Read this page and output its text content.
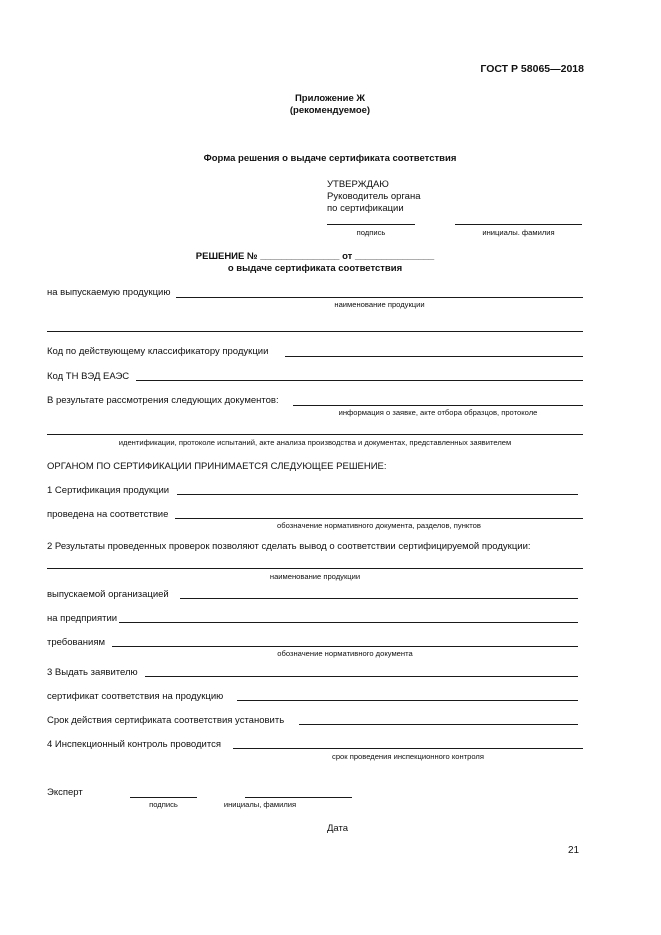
ГОСТ Р 58065—2018
Приложение Ж
(рекомендуемое)
Форма решения о выдаче сертификата соответствия
УТВЕРЖДАЮ
Руководитель органа
по сертификации
подпись	инициалы. фамилия
РЕШЕНИЕ № _______________ от _______________
о выдаче сертификата соответствия
на выпускаемую продукцию
наименование продукции
Код по действующему классификатору продукции
Код ТН ВЭД ЕАЭС
В результате рассмотрения следующих документов:
информация о заявке, акте отбора образцов, протоколе
идентификации, протоколе испытаний, акте анализа производства и документах, представленных заявителем
ОРГАНОМ ПО СЕРТИФИКАЦИИ ПРИНИМАЕТСЯ СЛЕДУЮЩЕЕ РЕШЕНИЕ:
1 Сертификация продукции
проведена на соответствие
обозначение нормативного документа, разделов, пунктов
2 Результаты проведенных проверок позволяют сделать вывод о соответствии сертифицируемой продукции:
наименование продукции
выпускаемой организацией
на предприятии
требованиям
обозначение нормативного документа
3 Выдать заявителю
сертификат соответствия на продукцию
Срок действия сертификата соответствия установить
4 Инспекционный контроль проводится
срок проведения инспекционного контроля
Эксперт
подпись	инициалы, фамилия
Дата
21
